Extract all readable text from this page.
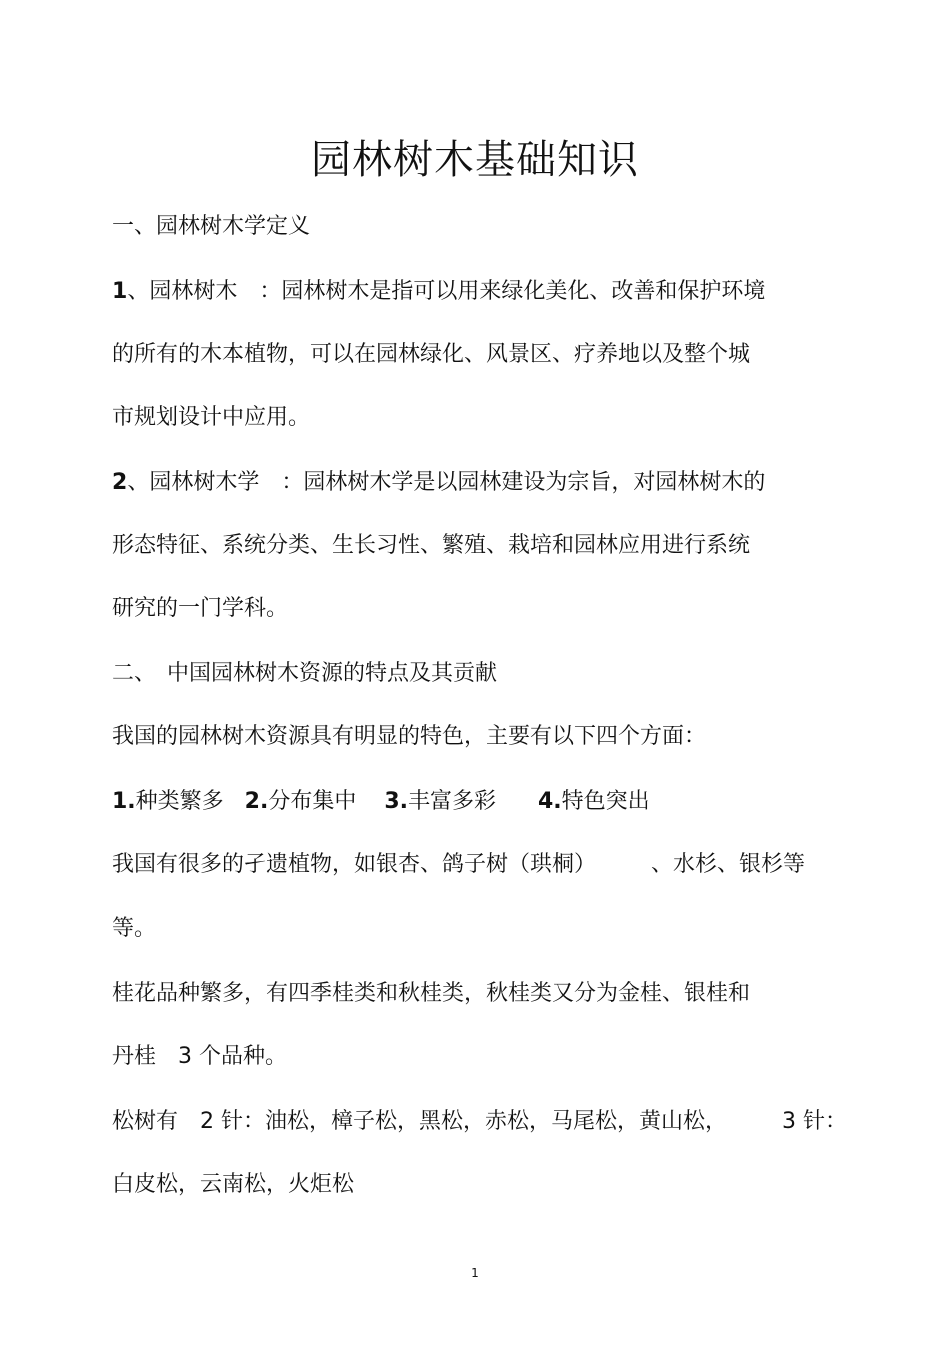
园林树木基础知识
一、园林树木学定义
1、园林树木　：园林树木是指可以用来绿化美化、改善和保护环境
的所有的木本植物，可以在园林绿化、风景区、疗养地以及整个城
市规划设计中应用。
2、园林树木学　：园林树木学是以园林建设为宗旨，对园林树木的
形态特征、系统分类、生长习性、繁殖、栽培和园林应用进行系统
研究的一门学科。
二、　中国园林树木资源的特点及其贡献
我国的园林树木资源具有明显的特色，主要有以下四个方面：
1.种类繁多 2.分布集中 3.丰富多彩 4.特色突出
我国有很多的孑遗植物，如银杏、鸽子树（珙桐）　　　、水杉、银杉等
等。
桂花品种繁多，有四季桂类和秋桂类，秋桂类又分为金桂、银桂和
丹桂　3 个品种。
松树有　2 针：油松，樟子松，黑松，赤松，马尾松，黄山松，　　　3 针：
白皮松，云南松，火炬松
1
